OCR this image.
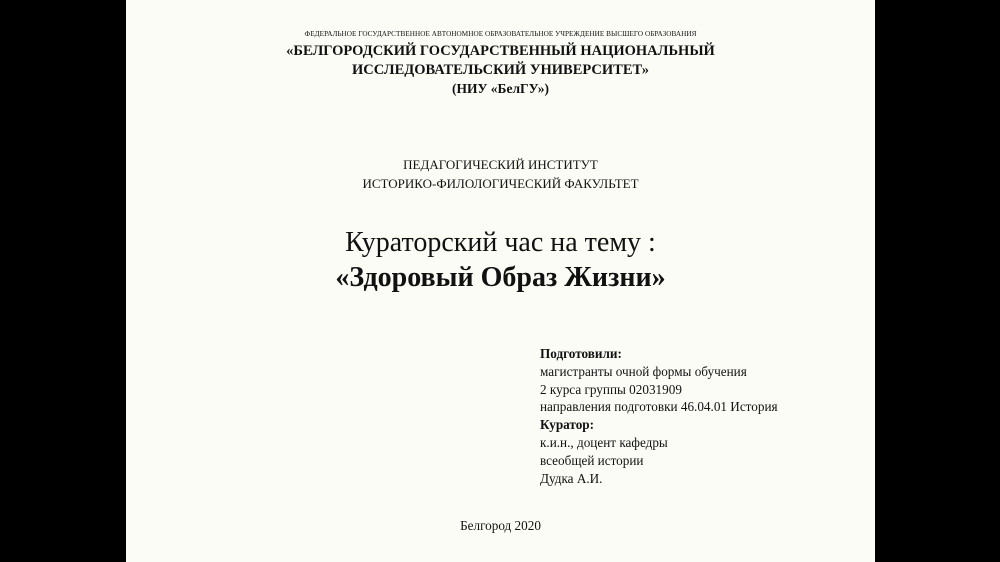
ФЕДЕРАЛЬНОЕ ГОСУДАРСТВЕННОЕ АВТОНОМНОЕ ОБРАЗОВАТЕЛЬНОЕ УЧРЕЖДЕНИЕ ВЫСШЕГО ОБРАЗОВАНИЯ
«БЕЛГОРОДСКИЙ ГОСУДАРСТВЕННЫЙ НАЦИОНАЛЬНЫЙ
ИССЛЕДОВАТЕЛЬСКИЙ УНИВЕРСИТЕТ»
(НИУ «БелГУ»)
ПЕДАГОГИЧЕСКИЙ ИНСТИТУТ
ИСТОРИКО-ФИЛОЛОГИЧЕСКИЙ ФАКУЛЬТЕТ
Кураторский час на тему :
«Здоровый Образ Жизни»
Подготовили:
магистранты очной формы обучения
2 курса группы 02031909
направления подготовки 46.04.01 История
Куратор:
к.и.н., доцент кафедры
всеобщей истории
Дудка А.И.
Белгород 2020
